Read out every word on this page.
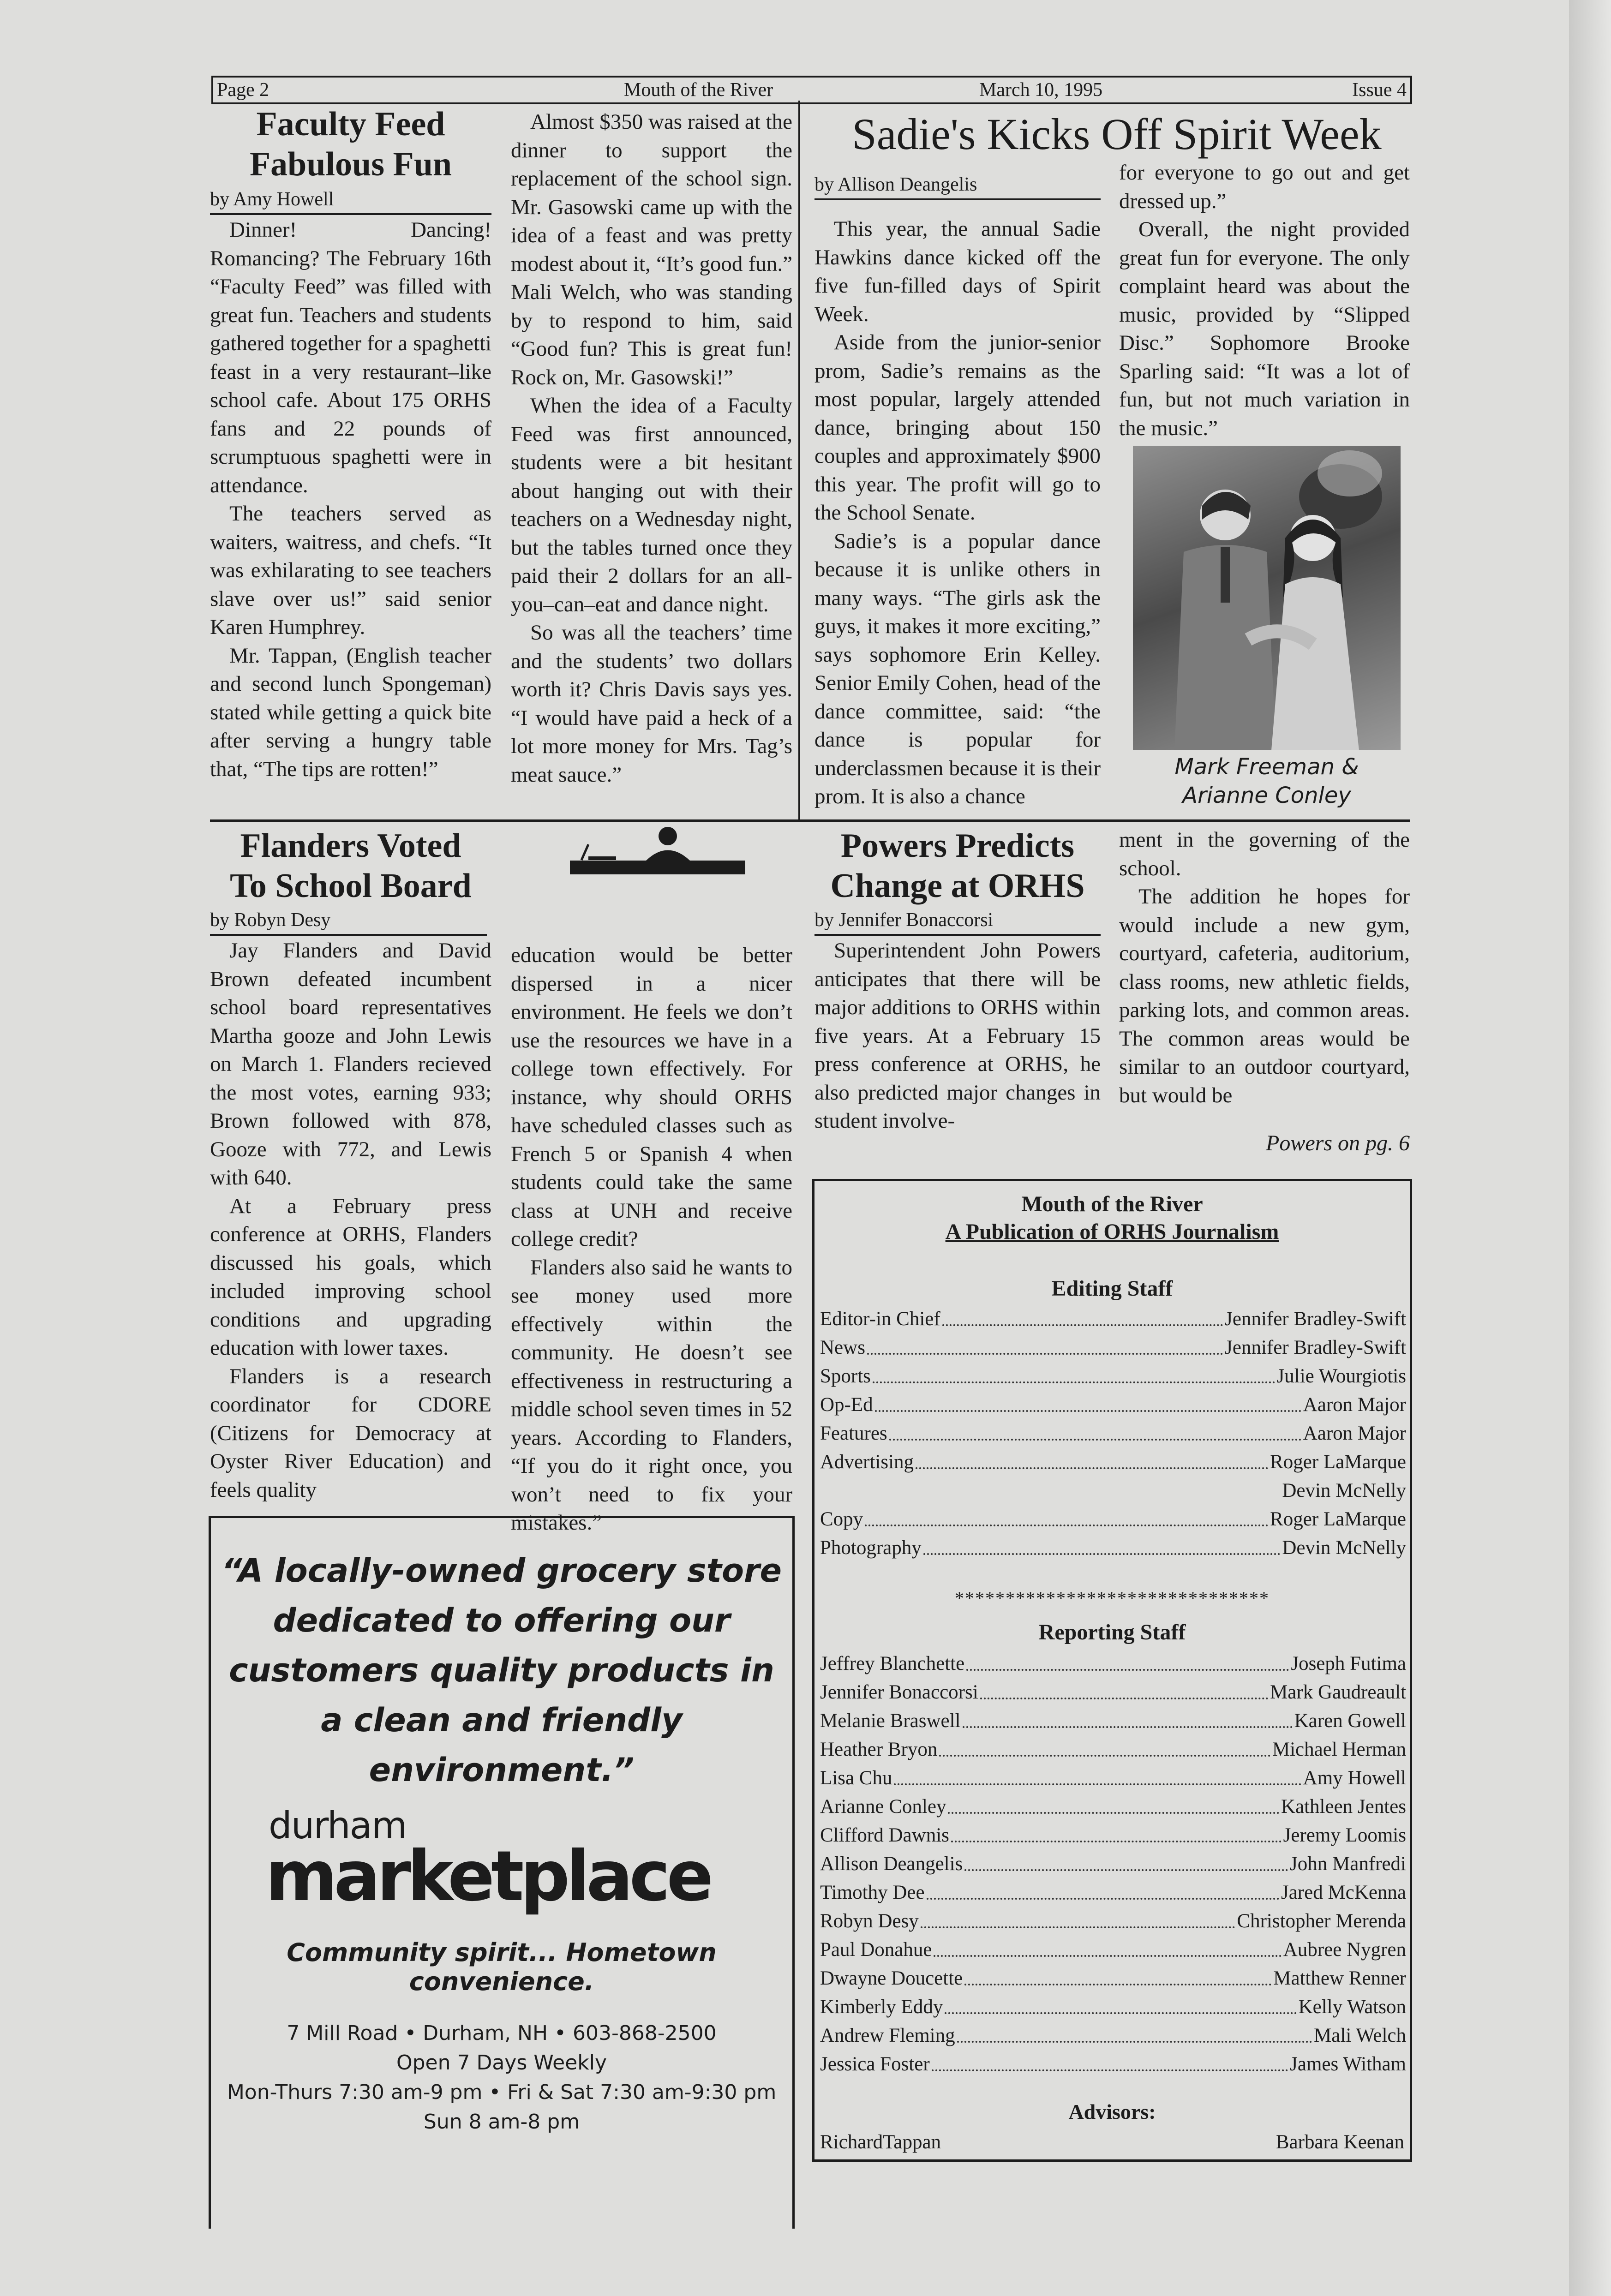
Page 2	Mouth of the River	March 10, 1995	Issue 4
Faculty Feed
Fabulous Fun
by Amy Howell

Dinner! Dancing! Romancing? The February 16th “Faculty Feed” was filled with great fun. Teachers and students gathered together for a spaghetti feast in a very restaurant–like school cafe. About 175 ORHS fans and 22 pounds of scrumptuous spaghetti were in attendance.

The teachers served as waiters, waitress, and chefs. “It was exhilarating to see teachers slave over us!” said senior Karen Humphrey.

Mr. Tappan, (English teacher and second lunch Spongeman) stated while getting a quick bite after serving a hungry table that, “The tips are rotten!”

Almost $350 was raised at the dinner to support the replacement of the school sign. Mr. Gasowski came up with the idea of a feast and was pretty modest about it, “It’s good fun.” Mali Welch, who was standing by to respond to him, said “Good fun? This is great fun! Rock on, Mr. Gasowski!”

When the idea of a Faculty Feed was first announced, students were a bit hesitant about hanging out with their teachers on a Wednesday night, but the tables turned once they paid their 2 dollars for an all-you–can–eat and dance night.

So was all the teachers’ time and the students’ two dollars worth it? Chris Davis says yes. “I would have paid a heck of a lot more money for Mrs. Tag’s meat sauce.”

Sadie's Kicks Off Spirit Week
by Allison Deangelis

This year, the annual Sadie Hawkins dance kicked off the five fun-filled days of Spirit Week.

Aside from the junior-senior prom, Sadie’s remains as the most popular, largely attended dance, bringing about 150 couples and approximately $900 this year. The profit will go to the School Senate.

Sadie’s is a popular dance because it is unlike others in many ways. “The girls ask the guys, it makes it more exciting,” says sophomore Erin Kelley. Senior Emily Cohen, head of the dance committee, said: “the dance is popular for underclassmen because it is their prom. It is also a chance

for everyone to go out and get dressed up.”

Overall, the night provided great fun for everyone. The only complaint heard was about the music, provided by “Slipped Disc.” Sophomore Brooke Sparling said: “It was a lot of fun, but not much variation in the music.”

Mark Freeman &
Arianne Conley
Flanders Voted
To School Board
by Robyn Desy

Jay Flanders and David Brown defeated incumbent school board representatives Martha gooze and John Lewis on March 1. Flanders recieved the most votes, earning 933; Brown followed with 878, Gooze with 772, and Lewis with 640.

At a February press conference at ORHS, Flanders discussed his goals, which included improving school conditions and upgrading education with lower taxes.

Flanders is a research coordinator for CDORE (Citizens for Democracy at Oyster River Education) and feels quality

education would be better dispersed in a nicer environment. He feels we don’t use the resources we have in a college town effectively. For instance, why should ORHS have scheduled classes such as French 5 or Spanish 4 when students could take the same class at UNH and receive college credit?

Flanders also said he wants to see money used more effectively within the community. He doesn’t see effectiveness in restructuring a middle school seven times in 52 years. According to Flanders, “If you do it right once, you won’t need to fix your mistakes.”

Powers Predicts
Change at ORHS
by Jennifer Bonaccorsi

Superintendent John Powers anticipates that there will be major additions to ORHS within five years. At a February 15 press conference at ORHS, he also predicted major changes in student involve-

ment in the governing of the school.

The addition he hopes for would include a new gym, courtyard, cafeteria, auditorium, class rooms, new athletic fields, parking lots, and common areas. The common areas would be similar to an outdoor courtyard, but would be

Powers on pg. 6
“A locally-owned grocery store dedicated to offering our customers quality products in a clean and friendly environment.”
durham
marketplace
Community spirit... Hometown convenience.
7 Mill Road • Durham, NH • 603-868-2500
Open 7 Days Weekly
Mon-Thurs 7:30 am-9 pm • Fri & Sat 7:30 am-9:30 pm
Sun 8 am-8 pm
Mouth of the River
A Publication of ORHS Journalism
Editing Staff
Editor-in Chief	Jennifer Bradley-Swift
News	Jennifer Bradley-Swift
Sports	Julie Wourgiotis
Op-Ed	Aaron Major
Features	Aaron Major
Advertising	Roger LaMarque
Devin McNelly
Copy	Roger LaMarque
Photography	Devin McNelly
*******************************
Reporting Staff
Jeffrey Blanchette	Joseph Futima
Jennifer Bonaccorsi	Mark Gaudreault
Melanie Braswell	Karen Gowell
Heather Bryon	Michael Herman
Lisa Chu	Amy Howell
Arianne Conley	Kathleen Jentes
Clifford Dawnis	Jeremy Loomis
Allison Deangelis	John Manfredi
Timothy Dee	Jared McKenna
Robyn Desy	Christopher Merenda
Paul Donahue	Aubree Nygren
Dwayne Doucette	Matthew Renner
Kimberly Eddy	Kelly Watson
Andrew Fleming	Mali Welch
Jessica Foster	James Witham
Advisors:
RichardTappan	Barbara Keenan
